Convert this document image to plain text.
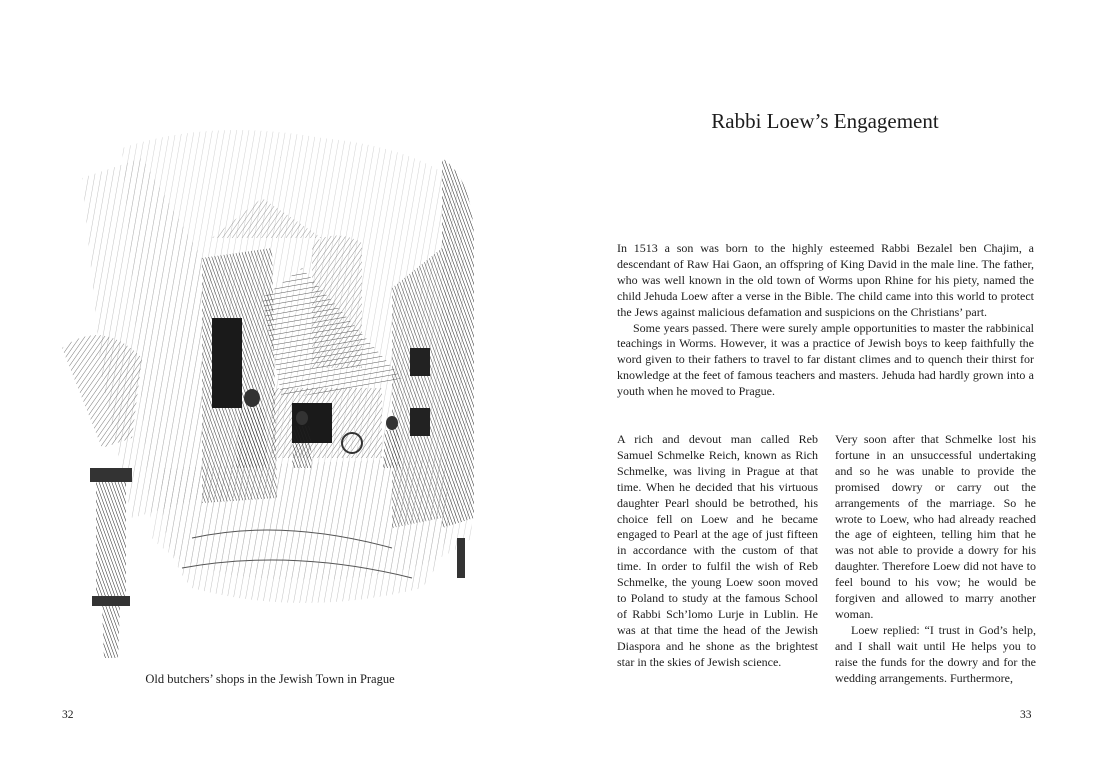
Old butchers’ shops in the Jewish Town in Prague
32
Rabbi Loew’s Engagement

In 1513 a son was born to the highly esteemed Rabbi Bezalel ben Chajim, a descendant of Raw Hai Gaon, an offspring of King David in the male line. The father, who was well known in the old town of Worms upon Rhine for his piety, named the child Jehuda Loew after a verse in the Bible. The child came into this world to protect the Jews against malicious defamation and suspicions on the Christians’ part.

Some years passed. There were surely ample opportunities to master the rabbinical teachings in Worms. However, it was a practice of Jewish boys to keep faithfully the word given to their fathers to travel to far distant climes and to quench their thirst for knowledge at the feet of famous teachers and masters. Jehuda had hardly grown into a youth when he moved to Prague.

A rich and devout man called Reb Samuel Schmelke Reich, known as Rich Schmelke, was living in Prague at that time. When he decided that his virtuous daughter Pearl should be betrothed, his choice fell on Loew and he became engaged to Pearl at the age of just fifteen in accordance with the custom of that time. In order to fulfil the wish of Reb Schmelke, the young Loew soon moved to Poland to study at the famous School of Rabbi Sch’lomo Lurje in Lublin. He was at that time the head of the Jewish Diaspora and he shone as the brightest star in the skies of Jewish science.

Very soon after that Schmelke lost his fortune in an unsuccessful undertaking and so he was unable to provide the promised dowry or carry out the arrangements of the marriage. So he wrote to Loew, who had already reached the age of eighteen, telling him that he was not able to provide a dowry for his daughter. Therefore Loew did not have to feel bound to his vow; he would be forgiven and allowed to marry another woman.

Loew replied: “I trust in God’s help, and I shall wait until He helps you to raise the funds for the dowry and for the wedding arrangements. Furthermore,

33
